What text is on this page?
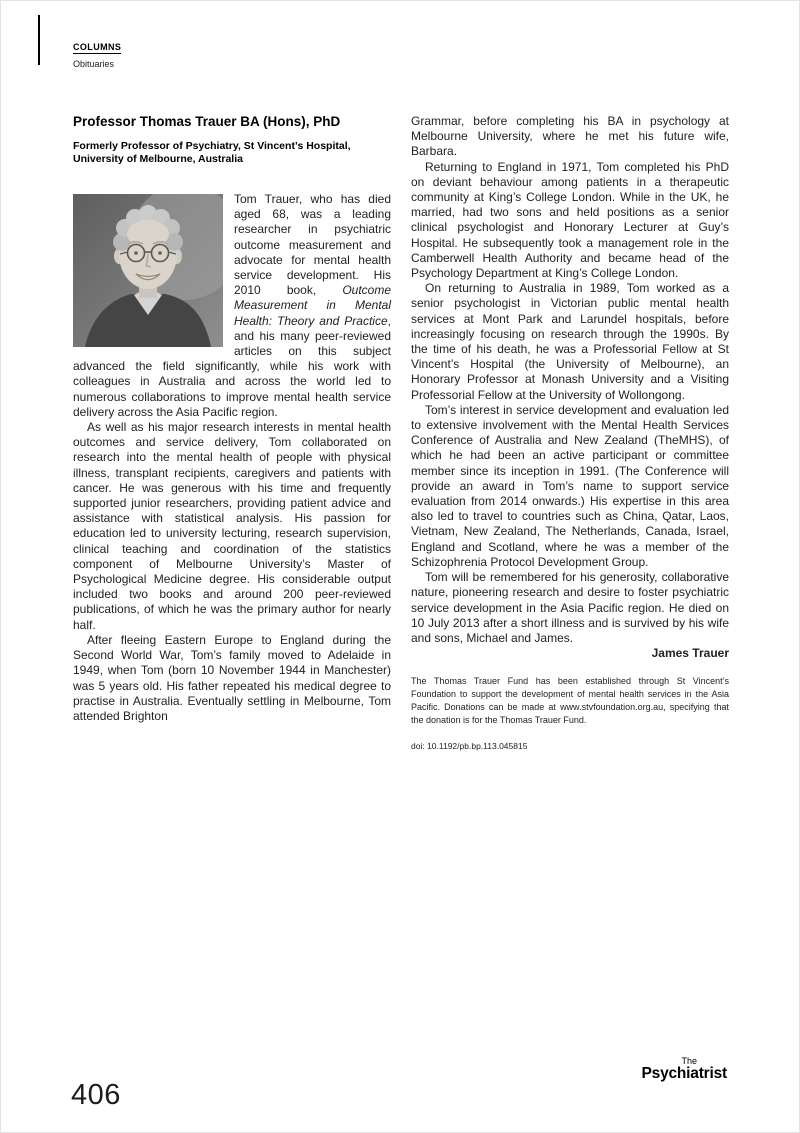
COLUMNS
Obituaries
Professor Thomas Trauer BA (Hons), PhD
Formerly Professor of Psychiatry, St Vincent’s Hospital, University of Melbourne, Australia

Tom Trauer, who has died aged 68, was a leading researcher in psychiatric outcome measurement and advocate for mental health service development. His 2010 book, Outcome Measurement in Mental Health: Theory and Practice, and his many peer-reviewed articles on this subject advanced the field significantly, while his work with colleagues in Australia and across the world led to numerous collaborations to improve mental health service delivery across the Asia Pacific region.

As well as his major research interests in mental health outcomes and service delivery, Tom collaborated on research into the mental health of people with physical illness, transplant recipients, caregivers and patients with cancer. He was generous with his time and frequently supported junior researchers, providing patient advice and assistance with statistical analysis. His passion for education led to university lecturing, research supervision, clinical teaching and coordination of the statistics component of Melbourne University’s Master of Psychological Medicine degree. His considerable output included two books and around 200 peer-reviewed publications, of which he was the primary author for nearly half.

After fleeing Eastern Europe to England during the Second World War, Tom’s family moved to Adelaide in 1949, when Tom (born 10 November 1944 in Manchester) was 5 years old. His father repeated his medical degree to practise in Australia. Eventually settling in Melbourne, Tom attended Brighton

Grammar, before completing his BA in psychology at Melbourne University, where he met his future wife, Barbara.

Returning to England in 1971, Tom completed his PhD on deviant behaviour among patients in a therapeutic community at King’s College London. While in the UK, he married, had two sons and held positions as a senior clinical psychologist and Honorary Lecturer at Guy’s Hospital. He subsequently took a management role in the Camberwell Health Authority and became head of the Psychology Department at King’s College London.

On returning to Australia in 1989, Tom worked as a senior psychologist in Victorian public mental health services at Mont Park and Larundel hospitals, before increasingly focusing on research through the 1990s. By the time of his death, he was a Professorial Fellow at St Vincent’s Hospital (the University of Melbourne), an Honorary Professor at Monash University and a Visiting Professorial Fellow at the University of Wollongong.

Tom’s interest in service development and evaluation led to extensive involvement with the Mental Health Services Conference of Australia and New Zealand (TheMHS), of which he had been an active participant or committee member since its inception in 1991. (The Conference will provide an award in Tom’s name to support service evaluation from 2014 onwards.) His expertise in this area also led to travel to countries such as China, Qatar, Laos, Vietnam, New Zealand, The Netherlands, Canada, Israel, England and Scotland, where he was a member of the Schizophrenia Protocol Development Group.

Tom will be remembered for his generosity, collaborative nature, pioneering research and desire to foster psychiatric service development in the Asia Pacific region. He died on 10 July 2013 after a short illness and is survived by his wife and sons, Michael and James.

James Trauer

The Thomas Trauer Fund has been established through St Vincent’s Foundation to support the development of mental health services in the Asia Pacific. Donations can be made at www.stvfoundation.org.au, specifying that the donation is for the Thomas Trauer Fund.

doi: 10.1192/pb.bp.113.045815

406
The
Psychiatrist
